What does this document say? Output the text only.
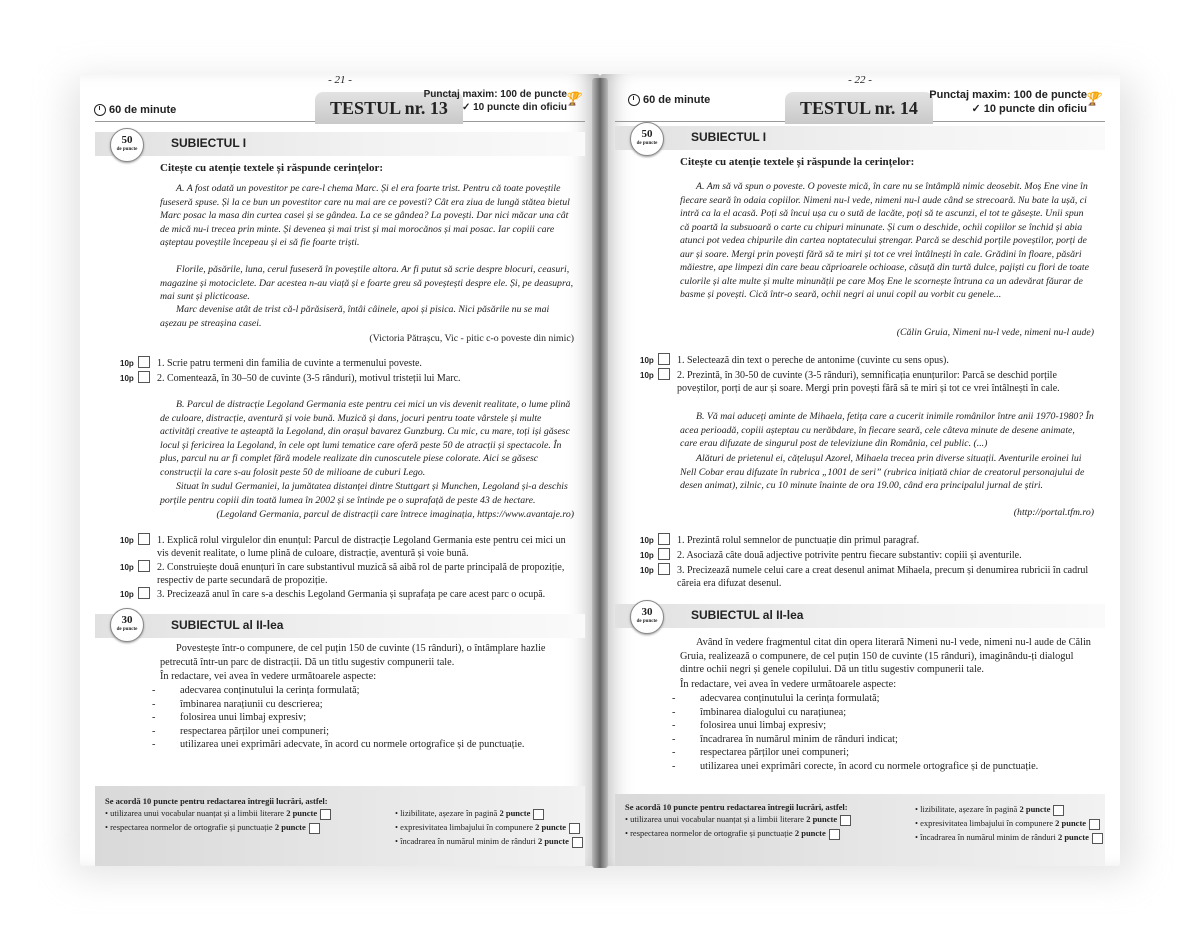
- 21 -
TESTUL nr. 13
Punctaj maxim: 100 de puncte
✓ 10 puncte din oficiu
🏆
60 de minute
SUBIECTUL I
50
de puncte
Citește cu atenție textele și răspunde cerințelor:
A. A fost odată un povestitor pe care-l chema Marc. Și el era foarte trist. Pentru că toate poveștile fuseseră spuse. Și la ce bun un povestitor care nu mai are ce povesti? Cât era ziua de lungă stătea bietul Marc posac la masa din curtea casei și se gândea. La ce se gândea? La povești. Dar nici măcar una cât de mică nu-i trecea prin minte. Și devenea și mai trist și mai morocănos și mai posac. Iar copiii care așteptau poveștile începeau și ei să fie foarte triști.
Florile, păsările, luna, cerul fuseseră în poveștile altora. Ar fi putut să scrie despre blocuri, ceasuri, magazine și motociclete. Dar acestea n-au viață și e foarte greu să poveștești despre ele. Și, pe deasupra, mai sunt și plicticoase.
Marc devenise atât de trist că-l părăsiseră, întâi câinele, apoi și pisica. Nici păsările nu se mai așezau pe streașina casei.
(Victoria Pătrașcu, Vic - pitic c-o poveste din nimic)
10p 1. Scrie patru termeni din familia de cuvinte a termenului poveste.
10p 2. Comentează, în 30–50 de cuvinte (3-5 rânduri), motivul tristeții lui Marc.
B. Parcul de distracție Legoland Germania este pentru cei mici un vis devenit realitate, o lume plină de culoare, distracție, aventură și voie bună. Muzică și dans, jocuri pentru toate vârstele și multe activități creative te așteaptă la Legoland, din orașul bavarez Gunzburg. Cu mic, cu mare, toți iși găsesc locul și fericirea la Legoland, în cele opt lumi tematice care oferă peste 50 de atracții și spectacole. În plus, parcul nu ar fi complet fără modele realizate din cunoscutele piese colorate. Aici se găsesc construcții la care s-au folosit peste 50 de milioane de cuburi Lego.
Situat în sudul Germaniei, la jumătatea distanței dintre Stuttgart și Munchen, Legoland și-a deschis porțile pentru copiii din toată lumea în 2002 și se întinde pe o suprafață de peste 43 de hectare.
(Legoland Germania, parcul de distracții care întrece imaginația, https://www.avantaje.ro)
10p 1. Explică rolul virgulelor din enunțul: Parcul de distracție Legoland Germania este pentru cei mici un vis devenit realitate, o lume plină de culoare, distracție, aventură și voie bună.
10p 2. Construiește două enunțuri în care substantivul muzică să aibă rol de parte principală de propoziție, respectiv de parte secundară de propoziție.
10p 3. Precizează anul în care s-a deschis Legoland Germania și suprafața pe care acest parc o ocupă.
SUBIECTUL al II-lea
30
de puncte
Povestește într-o compunere, de cel puțin 150 de cuvinte (15 rânduri), o întâmplare hazlie petrecută într-un parc de distracții. Dă un titlu sugestiv compunerii tale.
În redactare, vei avea în vedere următoarele aspecte:
- adecvarea conținutului la cerința formulată;
- îmbinarea narațiunii cu descrierea;
- folosirea unui limbaj expresiv;
- respectarea părților unei compuneri;
- utilizarea unei exprimări adecvate, în acord cu normele ortografice și de punctuație.
Se acordă 10 puncte pentru redactarea întregii lucrări, astfel:
• utilizarea unui vocabular nuanțat și a limbii literare 2 puncte
• respectarea normelor de ortografie și punctuație 2 puncte
• lizibilitate, așezare în pagină 2 puncte
• expresivitatea limbajului în compunere 2 puncte
• încadrarea în numărul minim de rânduri 2 puncte
- 22 -
TESTUL nr. 14
Punctaj maxim: 100 de puncte
✓ 10 puncte din oficiu
🏆
60 de minute
SUBIECTUL I
50
de puncte
Citește cu atenție textele și răspunde la cerințelor:
A. Am să vă spun o poveste. O poveste mică, în care nu se întâmplă nimic deosebit. Moș Ene vine în fiecare seară în odaia copiilor. Nimeni nu-l vede, nimeni nu-l aude când se strecoară. Nu bate la ușă, ci intră ca la el acasă. Poți să încui ușa cu o sută de lacăte, poți să te ascunzi, el tot te găsește. Unii spun că poartă la subsuoară o carte cu chipuri minunate. Și cum o deschide, ochii copiilor se închid și abia atunci pot vedea chipurile din cartea noptatecului ștrengar. Parcă se deschid porțile poveștilor, porți de aur și soare. Mergi prin povești fără să te miri și tot ce vrei întâlnești în cale. Grădini în floare, păsări măiestre, ape limpezi din care beau căprioarele ochioase, căsuță din turtă dulce, pajiști cu flori de toate culorile și alte multe și multe minunății pe care Moș Ene le scornește întruna ca un adevărat făurar de basme și povești. Cică într-o seară, ochii negri ai unui copil au vorbit cu genele...
(Călin Gruia, Nimeni nu-l vede, nimeni nu-l aude)
10p 1. Selectează din text o pereche de antonime (cuvinte cu sens opus).
10p 2. Prezintă, în 30-50 de cuvinte (3-5 rânduri), semnificația enunțurilor: Parcă se deschid porțile poveștilor, porți de aur și soare. Mergi prin povești fără să te miri și tot ce vrei întâlnești în cale.
B. Vă mai aduceți aminte de Mihaela, fetița care a cucerit inimile românilor între anii 1970-1980? În acea perioadă, copiii așteptau cu nerăbdare, în fiecare seară, cele câteva minute de desene animate, care erau difuzate de singurul post de televiziune din România, cel public. (...)
Alături de prietenul ei, cățelușul Azorel, Mihaela trecea prin diverse situații. Aventurile eroinei lui Nell Cobar erau difuzate în rubrica „1001 de seri” (rubrica inițiată chiar de creatorul personajului de desen animat), zilnic, cu 10 minute înainte de ora 19.00, când era principalul jurnal de știri.
(http://portal.tfm.ro)
10p 1. Prezintă rolul semnelor de punctuație din primul paragraf.
10p 2. Asociază câte două adjective potrivite pentru fiecare substantiv: copiii și aventurile.
10p 3. Precizează numele celui care a creat desenul animat Mihaela, precum și denumirea rubricii în cadrul căreia era difuzat desenul.
SUBIECTUL al II-lea
30
de puncte
Având în vedere fragmentul citat din opera literară Nimeni nu-l vede, nimeni nu-l aude de Călin Gruia, realizează o compunere, de cel puțin 150 de cuvinte (15 rânduri), imaginându-ți dialogul dintre ochii negri și genele copilului. Dă un titlu sugestiv compunerii tale.
În redactare, vei avea în vedere următoarele aspecte:
- adecvarea conținutului la cerința formulată;
- îmbinarea dialogului cu narațiunea;
- folosirea unui limbaj expresiv;
- încadrarea în numărul minim de rânduri indicat;
- respectarea părților unei compuneri;
- utilizarea unei exprimări corecte, în acord cu normele ortografice și de punctuație.
Se acordă 10 puncte pentru redactarea întregii lucrări, astfel:
• utilizarea unui vocabular nuanțat și a limbii literare 2 puncte
• respectarea normelor de ortografie și punctuație 2 puncte
• lizibilitate, așezare în pagină 2 puncte
• expresivitatea limbajului în compunere 2 puncte
• încadrarea în numărul minim de rânduri 2 puncte
